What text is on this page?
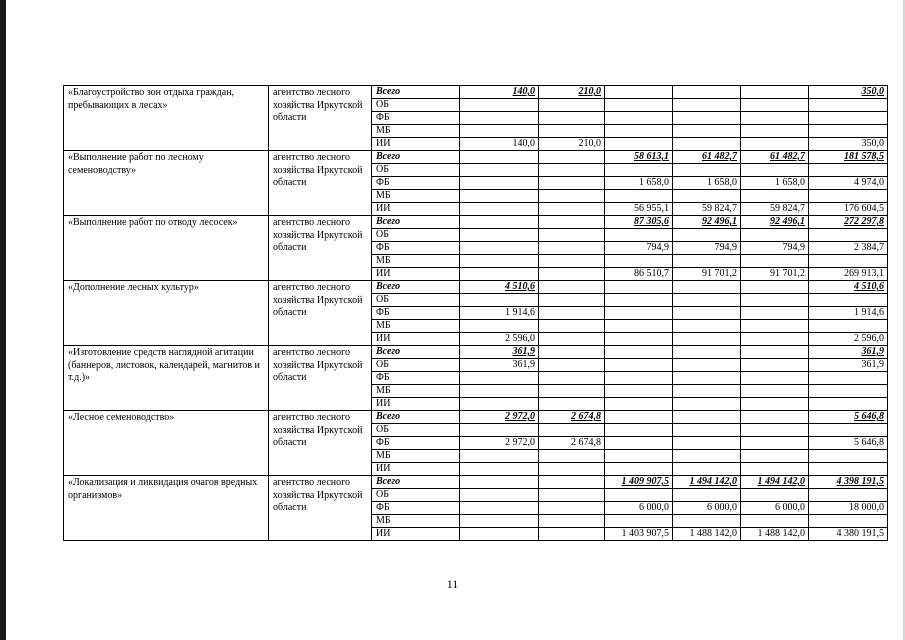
«Благоустройство зон отдыха граждан, пребывающих в лесах»	агентство лесного хозяйства Иркутской области	Всего	140,0	210,0				350,0
		ОБ						
		ФБ						
		МБ						
		ИИ	140,0	210,0				350,0
«Выполнение работ по лесному семеноводству»	агентство лесного хозяйства Иркутской области	Всего			58 613,1	61 482,7	61 482,7	181 578,5
		ОБ						
		ФБ			1 658,0	1 658,0	1 658,0	4 974,0
		МБ						
		ИИ			56 955,1	59 824,7	59 824,7	176 604,5
«Выполнение работ по отводу лесосек»	агентство лесного хозяйства Иркутской области	Всего			87 305,6	92 496,1	92 496,1	272 297,8
		ОБ						
		ФБ			794,9	794,9	794,9	2 384,7
		МБ						
		ИИ			86 510,7	91 701,2	91 701,2	269 913,1
«Дополнение лесных культур»	агентство лесного хозяйства Иркутской области	Всего	4 510,6					4 510,6
		ОБ						
		ФБ	1 914,6					1 914,6
		МБ						
		ИИ	2 596,0					2 596,0
«Изготовление средств наглядной агитации (баннеров, листовок, календарей, магнитов и т.д.)»	агентство лесного хозяйства Иркутской области	Всего	361,9					361,9
		ОБ	361,9					361,9
		ФБ						
		МБ						
		ИИ						
«Лесное семеноводство»	агентство лесного хозяйства Иркутской области	Всего	2 972,0	2 674,8				5 646,8
		ОБ						
		ФБ	2 972,0	2 674,8				5 646,8
		МБ						
		ИИ						
«Локализация и ликвидация очагов вредных организмов»	агентство лесного хозяйства Иркутской области	Всего			1 409 907,5	1 494 142,0	1 494 142,0	4 398 191,5
		ОБ						
		ФБ			6 000,0	6 000,0	6 000,0	18 000,0
		МБ						
		ИИ			1 403 907,5	1 488 142,0	1 488 142,0	4 380 191,5
11
